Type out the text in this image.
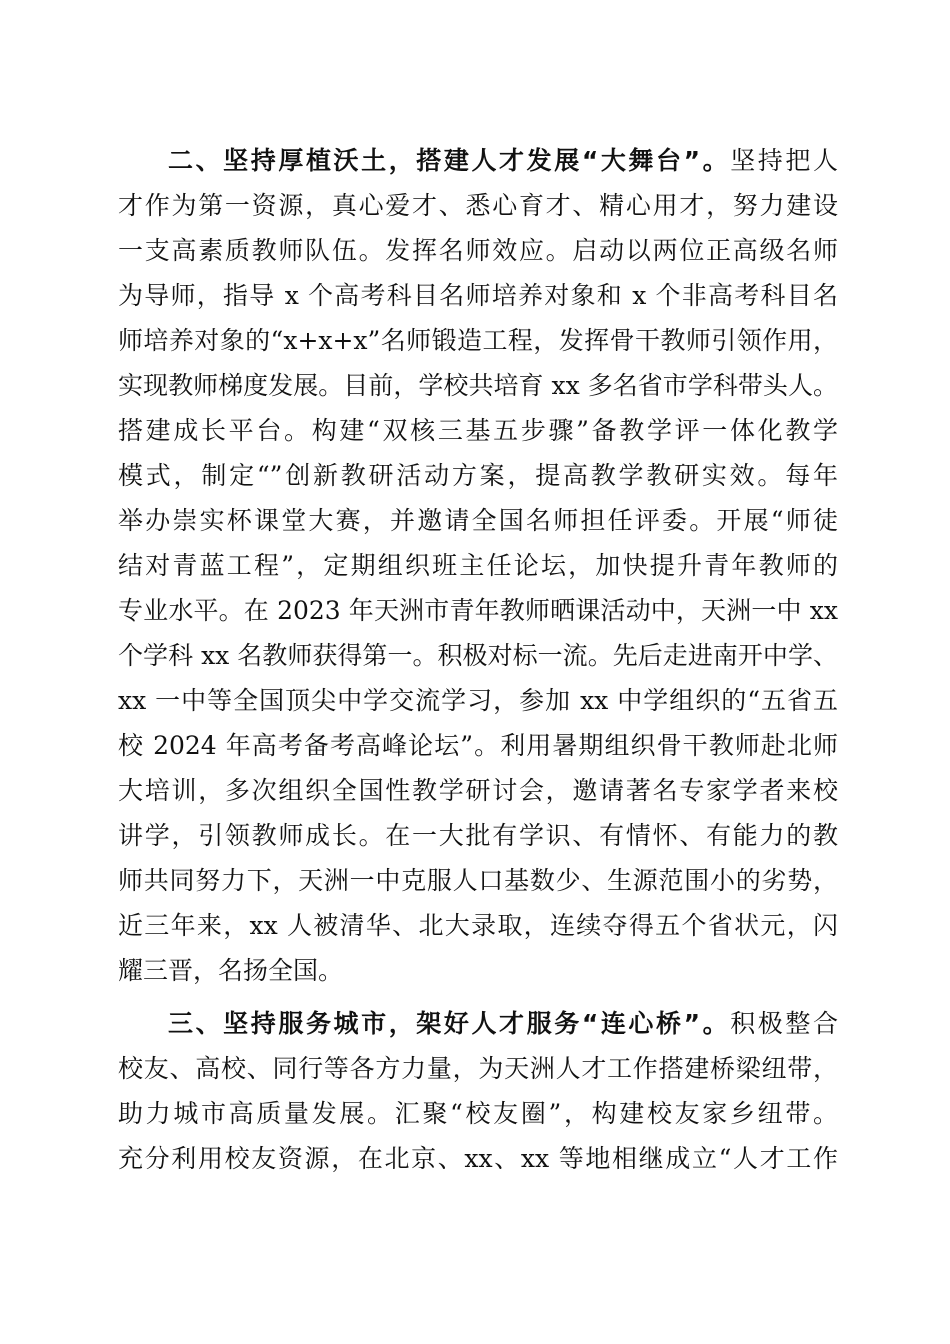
二、坚持厚植沃土，搭建人才发展“大舞台”。坚持把人
才作为第一资源，真心爱才、悉心育才、精心用才，努力建设
一支高素质教师队伍。发挥名师效应。启动以两位正高级名师
为导师，指导 x 个高考科目名师培养对象和 x 个非高考科目名
师培养对象的“x+x+x”名师锻造工程，发挥骨干教师引领作用，
实现教师梯度发展。目前，学校共培育 xx 多名省市学科带头人。
搭建成长平台。构建“双核三基五步骤”备教学评一体化教学
模式，制定“”创新教研活动方案，提高教学教研实效。每年
举办崇实杯课堂大赛，并邀请全国名师担任评委。开展“师徒
结对青蓝工程”，定期组织班主任论坛，加快提升青年教师的
专业水平。在 2023 年天洲市青年教师晒课活动中，天洲一中 xx
个学科 xx 名教师获得第一。积极对标一流。先后走进南开中学、
xx 一中等全国顶尖中学交流学习，参加 xx 中学组织的“五省五
校 2024 年高考备考高峰论坛”。利用暑期组织骨干教师赴北师
大培训，多次组织全国性教学研讨会，邀请著名专家学者来校
讲学，引领教师成长。在一大批有学识、有情怀、有能力的教
师共同努力下，天洲一中克服人口基数少、生源范围小的劣势，
近三年来，xx 人被清华、北大录取，连续夺得五个省状元，闪
耀三晋，名扬全国。
三、坚持服务城市，架好人才服务“连心桥”。积极整合
校友、高校、同行等各方力量，为天洲人才工作搭建桥梁纽带，
助力城市高质量发展。汇聚“校友圈”，构建校友家乡纽带。
充分利用校友资源，在北京、xx、xx 等地相继成立“人才工作
